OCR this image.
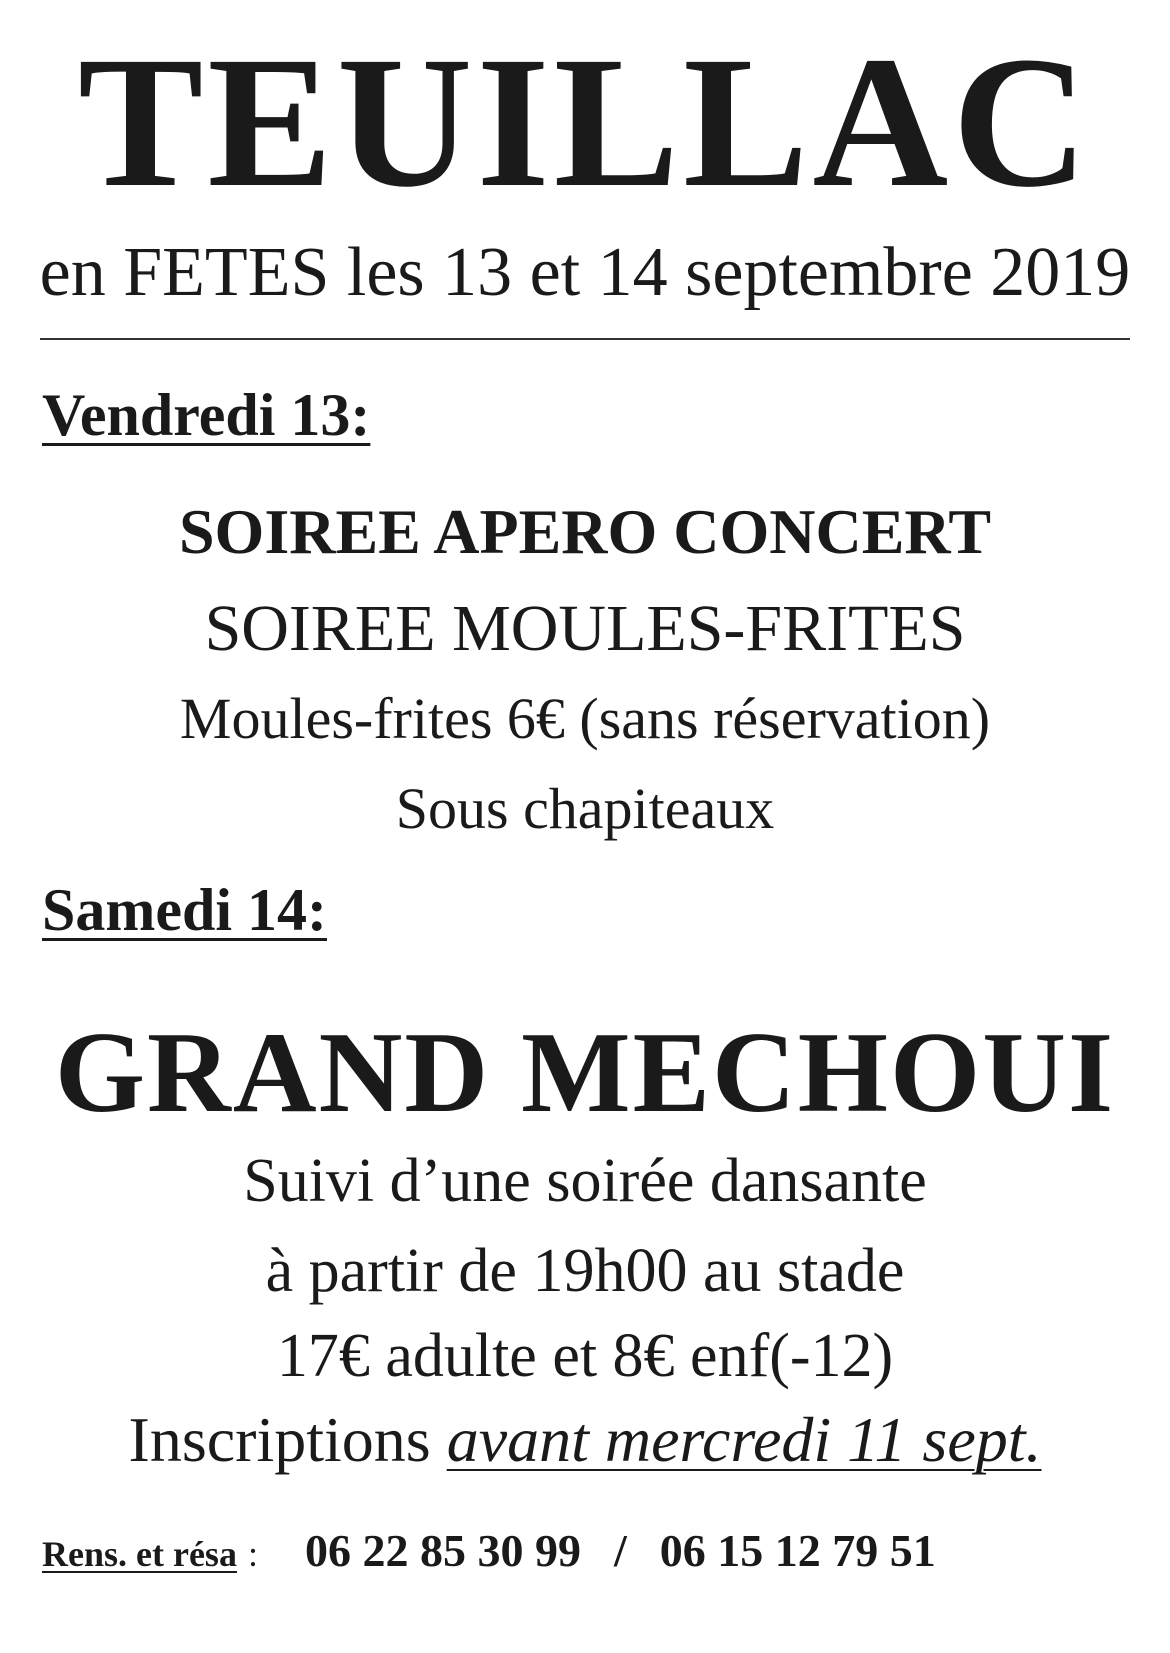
TEUILLAC
en FETES les 13 et 14 septembre 2019
Vendredi 13:
SOIREE APERO CONCERT
SOIREE MOULES-FRITES
Moules-frites 6€ (sans réservation)
Sous chapiteaux
Samedi 14:
GRAND MECHOUI
Suivi d’une soirée dansante
à partir de 19h00 au stade
17€ adulte et 8€ enf(-12)
Inscriptions avant mercredi 11 sept.
Rens. et résa : 06 22 85 30 99 / 06 15 12 79 51
